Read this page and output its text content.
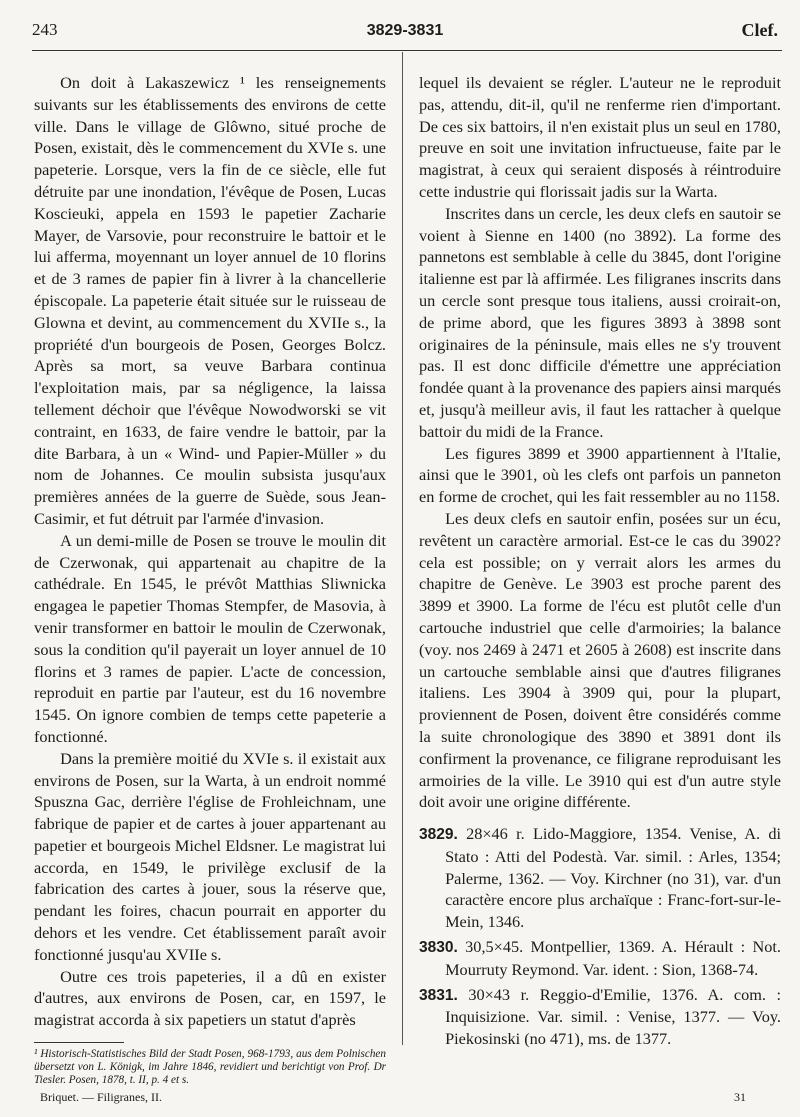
243	3829-3831	Clef.

On doit à Lakaszewicz ¹ les renseignements suivants sur les établissements des environs de cette ville. Dans le village de Glôwno, situé proche de Posen, existait, dès le commencement du XVIe s. une papeterie. Lorsque, vers la fin de ce siècle, elle fut détruite par une inondation, l'évêque de Posen, Lucas Koscieuki, appela en 1593 le papetier Zacharie Mayer, de Varsovie, pour reconstruire le battoir et le lui afferma, moyennant un loyer annuel de 10 florins et de 3 rames de papier fin à livrer à la chancellerie épiscopale. La papeterie était située sur le ruisseau de Glowna et devint, au commencement du XVIIe s., la propriété d'un bourgeois de Posen, Georges Bolcz. Après sa mort, sa veuve Barbara continua l'exploitation mais, par sa négligence, la laissa tellement déchoir que l'évêque Nowodworski se vit contraint, en 1633, de faire vendre le battoir, par la dite Barbara, à un « Wind- und Papier-Müller » du nom de Johannes. Ce moulin subsista jusqu'aux premières années de la guerre de Suède, sous Jean-Casimir, et fut détruit par l'armée d'invasion.

A un demi-mille de Posen se trouve le moulin dit de Czerwonak, qui appartenait au chapitre de la cathédrale. En 1545, le prévôt Matthias Sliwnicka engagea le papetier Thomas Stempfer, de Masovia, à venir transformer en battoir le moulin de Czerwonak, sous la condition qu'il payerait un loyer annuel de 10 florins et 3 rames de papier. L'acte de concession, reproduit en partie par l'auteur, est du 16 novembre 1545. On ignore combien de temps cette papeterie a fonctionné.

Dans la première moitié du XVIe s. il existait aux environs de Posen, sur la Warta, à un endroit nommé Spuszna Gac, derrière l'église de Frohleichnam, une fabrique de papier et de cartes à jouer appartenant au papetier et bourgeois Michel Eldsner. Le magistrat lui accorda, en 1549, le privilège exclusif de la fabrication des cartes à jouer, sous la réserve que, pendant les foires, chacun pourrait en apporter du dehors et les vendre. Cet établissement paraît avoir fonctionné jusqu'au XVIIe s.

Outre ces trois papeteries, il a dû en exister d'autres, aux environs de Posen, car, en 1597, le magistrat accorda à six papetiers un statut d'après

¹ Historisch-Statistisches Bild der Stadt Posen, 968-1793, aus dem Polnischen übersetzt von L. Königk, im Jahre 1846, revidiert und berichtigt von Prof. Dr Tiesler. Posen, 1878, t. II, p. 4 et s.

lequel ils devaient se régler. L'auteur ne le reproduit pas, attendu, dit-il, qu'il ne renferme rien d'important. De ces six battoirs, il n'en existait plus un seul en 1780, preuve en soit une invitation infructueuse, faite par le magistrat, à ceux qui seraient disposés à réintroduire cette industrie qui florissait jadis sur la Warta.

Inscrites dans un cercle, les deux clefs en sautoir se voient à Sienne en 1400 (no 3892). La forme des pannetons est semblable à celle du 3845, dont l'origine italienne est par là affirmée. Les filigranes inscrits dans un cercle sont presque tous italiens, aussi croirait-on, de prime abord, que les figures 3893 à 3898 sont originaires de la péninsule, mais elles ne s'y trouvent pas. Il est donc difficile d'émettre une appréciation fondée quant à la provenance des papiers ainsi marqués et, jusqu'à meilleur avis, il faut les rattacher à quelque battoir du midi de la France.

Les figures 3899 et 3900 appartiennent à l'Italie, ainsi que le 3901, où les clefs ont parfois un panneton en forme de crochet, qui les fait ressembler au no 1158.

Les deux clefs en sautoir enfin, posées sur un écu, revêtent un caractère armorial. Est-ce le cas du 3902? cela est possible; on y verrait alors les armes du chapitre de Genève. Le 3903 est proche parent des 3899 et 3900. La forme de l'écu est plutôt celle d'un cartouche industriel que celle d'armoiries; la balance (voy. nos 2469 à 2471 et 2605 à 2608) est inscrite dans un cartouche semblable ainsi que d'autres filigranes italiens. Les 3904 à 3909 qui, pour la plupart, proviennent de Posen, doivent être considérés comme la suite chronologique des 3890 et 3891 dont ils confirment la provenance, ce filigrane reproduisant les armoiries de la ville. Le 3910 qui est d'un autre style doit avoir une origine différente.

3829. 28×46 r. Lido-Maggiore, 1354. Venise, A. di Stato : Atti del Podestà. Var. simil. : Arles, 1354; Palerme, 1362. — Voy. Kirchner (no 31), var. d'un caractère encore plus archaïque : Franc-fort-sur-le-Mein, 1346.
3830. 30,5×45. Montpellier, 1369. A. Hérault : Not. Mourruty Reymond. Var. ident. : Sion, 1368-74.
3831. 30×43 r. Reggio-d'Emilie, 1376. A. com. : Inquisizione. Var. simil. : Venise, 1377. — Voy. Piekosinski (no 471), ms. de 1377.
Briquet. — Filigranes, II.	31
